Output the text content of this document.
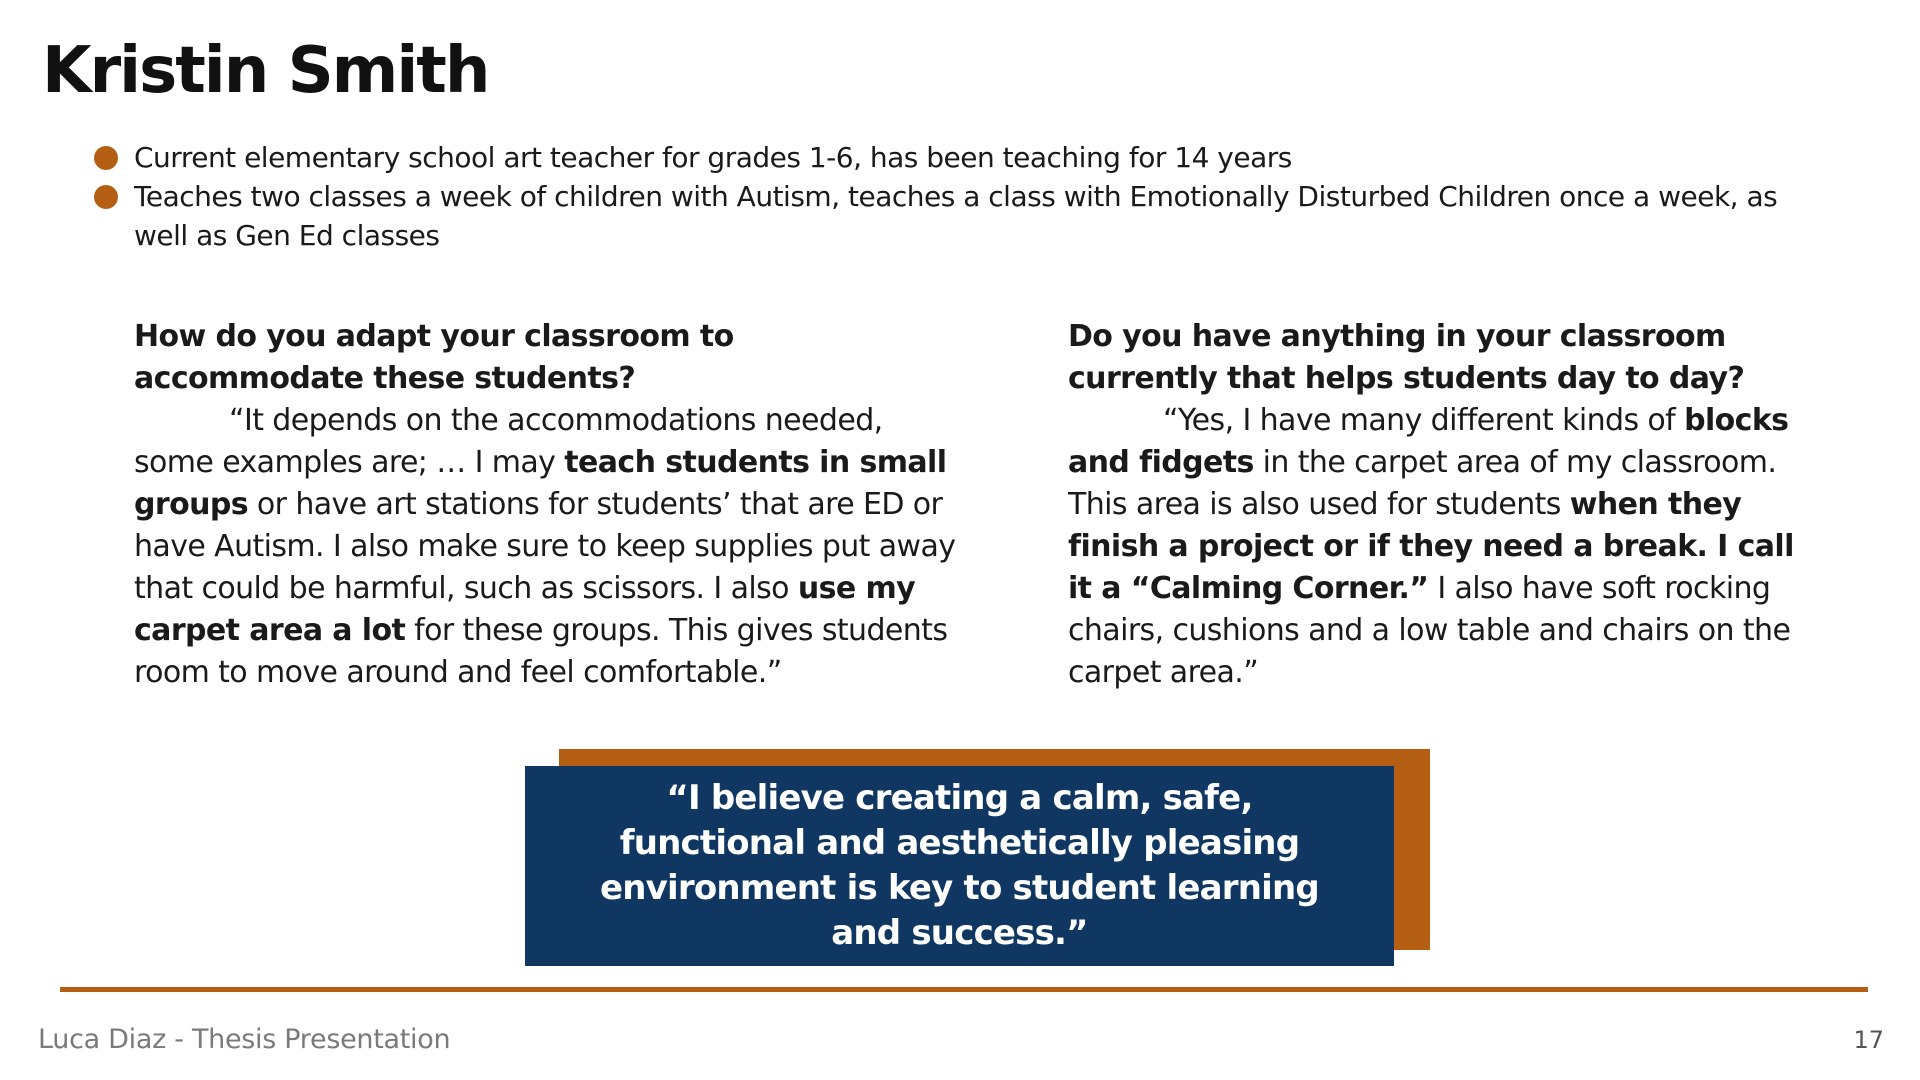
Kristin Smith
Current elementary school art teacher for grades 1-6, has been teaching for 14 years
Teaches two classes a week of children with Autism, teaches a class with Emotionally Disturbed Children once a week, as well as Gen Ed classes

How do you adapt your classroom to accommodate these students?

“It depends on the accommodations needed, some examples are; … I may teach students in small groups or have art stations for students’ that are ED or have Autism. I also make sure to keep supplies put away that could be harmful, such as scissors. I also use my carpet area a lot for these groups. This gives students room to move around and feel comfortable.”

Do you have anything in your classroom currently that helps students day to day?

“Yes, I have many different kinds of blocks and fidgets in the carpet area of my classroom. This area is also used for students when they finish a project or if they need a break. I call it a “Calming Corner.” I also have soft rocking chairs, cushions and a low table and chairs on the carpet area.”

“I believe creating a calm, safe, functional and aesthetically pleasing environment is key to student learning and success.”

Luca Diaz - Thesis Presentation	17
